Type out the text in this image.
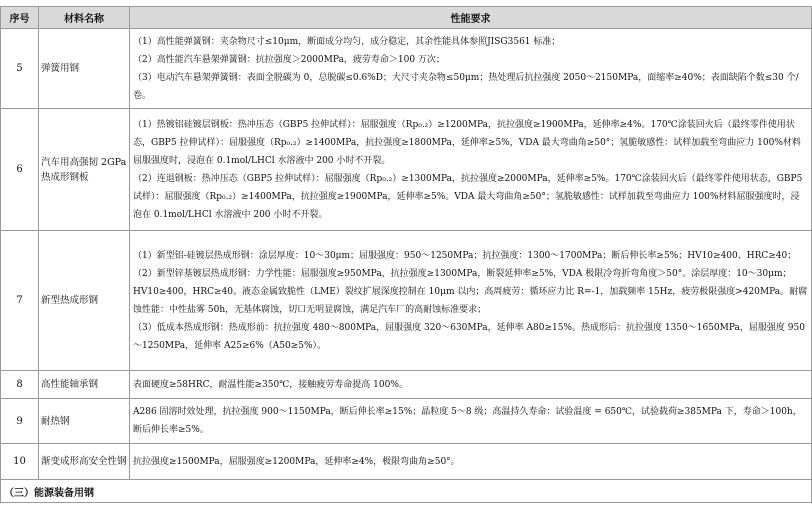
序号	材料名称	性能要求
5	弹簧用钢	（1）高性能弹簧钢：夹杂物尺寸≤10μm，断面成分均匀，成分稳定，其余性能具体参照JISG3561 标准；

（2）高性能汽车悬架弹簧钢：抗拉强度＞2000MPa，疲劳寿命＞100 万次；

（3）电动汽车悬架弹簧钢：表面全脱碳为 0，总脱碳≤0.6%D；大尺寸夹杂物≤50μm；热处理后抗拉强度 2050～2150MPa，面缩率≥40%；表面缺陷个数≤30 个/卷。

6	汽车用高强韧 2GPa热成形钢板	（1）热镀铝硅镀层钢板：热冲压态（GBP5 拉伸试样）：屈服强度（Rp₀.₂）≥1200MPa，抗拉强度≥1900MPa，延伸率≥4%。170℃涂装回火后（最终零件使用状态，GBP5 拉伸试样）：屈服强度（Rp₀.₂）≥1400MPa，抗拉强度≥1800MPa，延伸率≥5%，VDA 最大弯曲角≥50°；氢脆敏感性：试样加载至弯曲应力 100%材料屈服强度时，浸泡在 0.1mol/LHCl 水溶液中 200 小时不开裂。

（2）连退钢板：热冲压态（GBP5 拉伸试样）：屈服强度（Rp₀.₂）≥1300MPa，抗拉强度≥2000MPa，延伸率≥5%。170℃涂装回火后（最终零件使用状态，GBP5 试样）：屈服强度（Rp₀.₂）≥1400MPa，抗拉强度≥1900MPa，延伸率≥5%。VDA 最大弯曲角≥50°；氢脆敏感性：试样加载至弯曲应力 100%材料屈服强度时，浸泡在 0.1mol/LHCl 水溶液中 200 小时不开裂。

7	新型热成形钢	（1）新型铝-硅镀层热成形钢：涂层厚度：10～30μm；屈服强度：950～1250MPa；抗拉强度：1300～1700MPa；断后伸长率≥5%；HV10≥400、HRC≥40；

（2）新型锌基镀层热成形钢：力学性能：屈服强度≥950MPa，抗拉强度≥1300MPa，断裂延伸率≥5%，VDA 极限冷弯折弯角度＞50°。涂层厚度：10～30μm；HV10≥400，HRC≥40。液态金属致脆性（LME）裂纹扩展深度控制在 10μm 以内；高周疲劳：循环应力比 R=-1，加载频率 15Hz，疲劳极限强度>420MPa。耐腐蚀性能：中性盐雾 50h，无基体腐蚀，切口无明显腐蚀，满足汽车厂的高耐蚀标准要求；

（3）低成本热成形钢：热成形前：抗拉强度 480～800MPa，屈服强度 320～630MPa，延伸率 A80≥15%。热成形后：抗拉强度 1350～1650MPa，屈服强度 950～1250MPa，延伸率 A25≥6%（A50≥5%）。

8	高性能轴承钢	表面硬度≥58HRC，耐温性能≥350℃，接触疲劳寿命提高 100%。

9	耐热钢	A286 固溶时效处理，抗拉强度 900～1150MPa，断后伸长率≥15%；晶粒度 5～8 级；高温持久寿命：试验温度 = 650℃，试验载荷≥385MPa 下，寿命＞100h，断后伸长率≥5%。

10	渐变成形高安全性钢	抗拉强度≥1500MPa，屈服强度≥1200MPa，延伸率≥4%，极限弯曲角≥50°。

（三）能源装备用钢		
